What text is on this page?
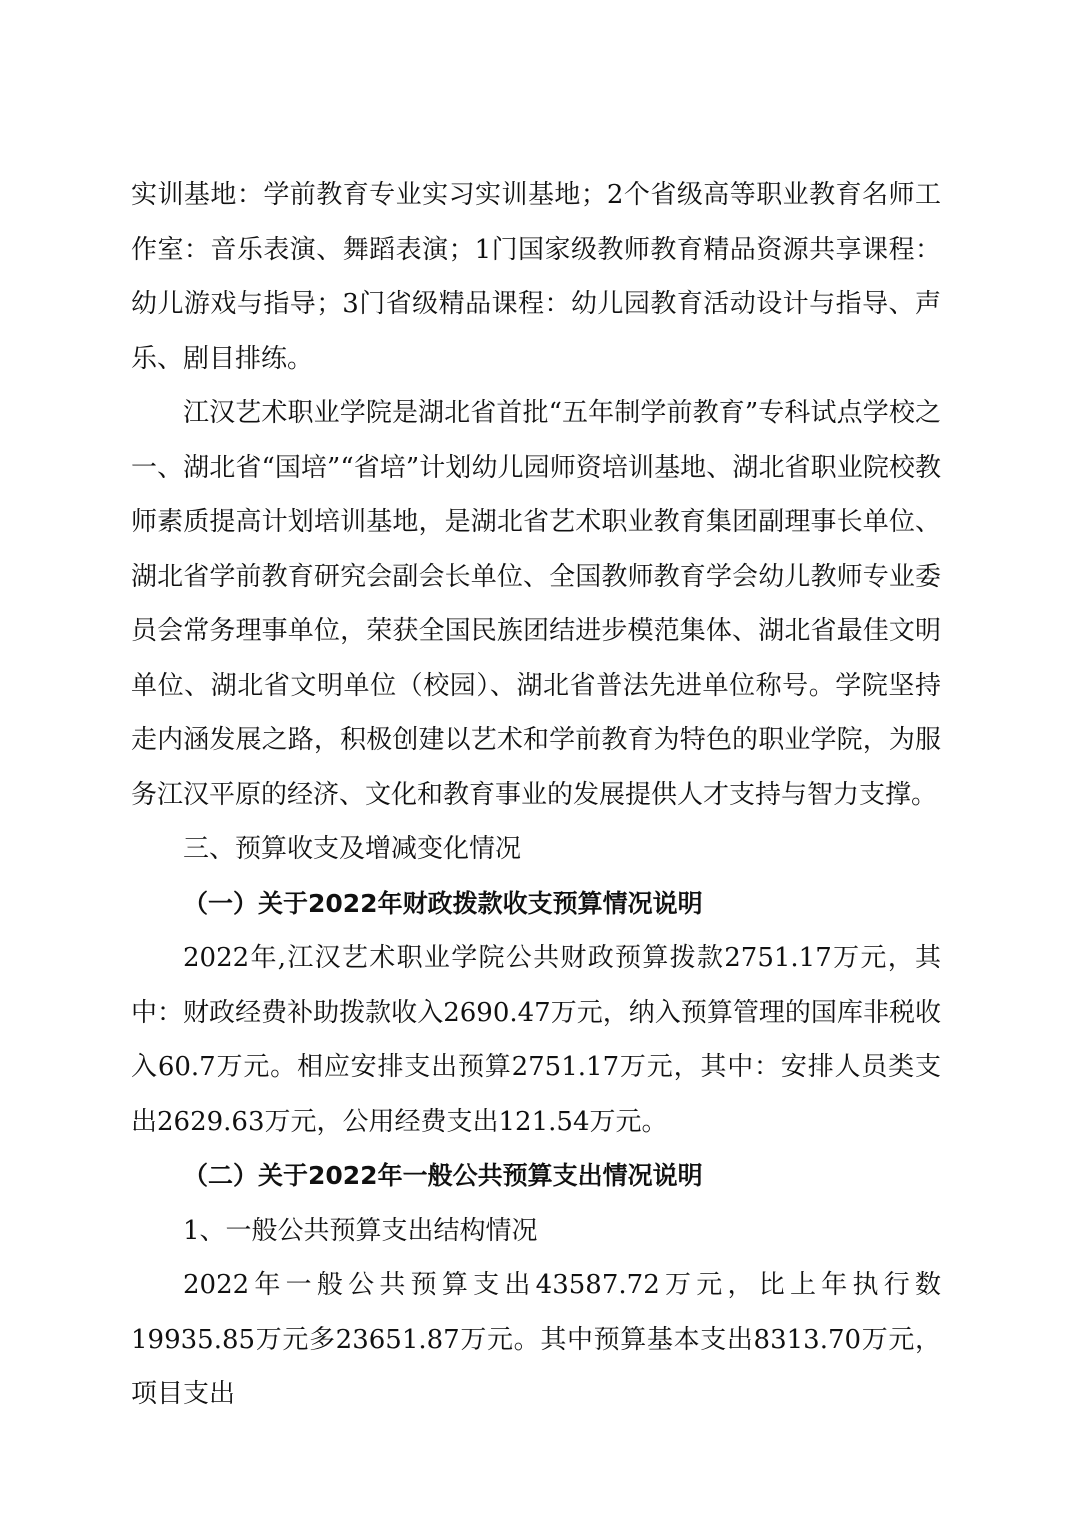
实训基地：学前教育专业实习实训基地；2个省级高等职业教育名师工作室：音乐表演、舞蹈表演；1门国家级教师教育精品资源共享课程：幼儿游戏与指导；3门省级精品课程：幼儿园教育活动设计与指导、声乐、剧目排练。

江汉艺术职业学院是湖北省首批“五年制学前教育”专科试点学校之一、湖北省“国培”“省培”计划幼儿园师资培训基地、湖北省职业院校教师素质提高计划培训基地，是湖北省艺术职业教育集团副理事长单位、湖北省学前教育研究会副会长单位、全国教师教育学会幼儿教师专业委员会常务理事单位，荣获全国民族团结进步模范集体、湖北省最佳文明单位、湖北省文明单位（校园）、湖北省普法先进单位称号。学院坚持走内涵发展之路，积极创建以艺术和学前教育为特色的职业学院，为服务江汉平原的经济、文化和教育事业的发展提供人才支持与智力支撑。

三、预算收支及增减变化情况

（一）关于2022年财政拨款收支预算情况说明

2022年,江汉艺术职业学院公共财政预算拨款2751.17万元，其中：财政经费补助拨款收入2690.47万元，纳入预算管理的国库非税收入60.7万元。相应安排支出预算2751.17万元，其中：安排人员类支出2629.63万元，公用经费支出121.54万元。

（二）关于2022年一般公共预算支出情况说明

1、一般公共预算支出结构情况

2022年一般公共预算支出43587.72万元，比上年执行数19935.85万元多23651.87万元。其中预算基本支出8313.70万元，项目支出
